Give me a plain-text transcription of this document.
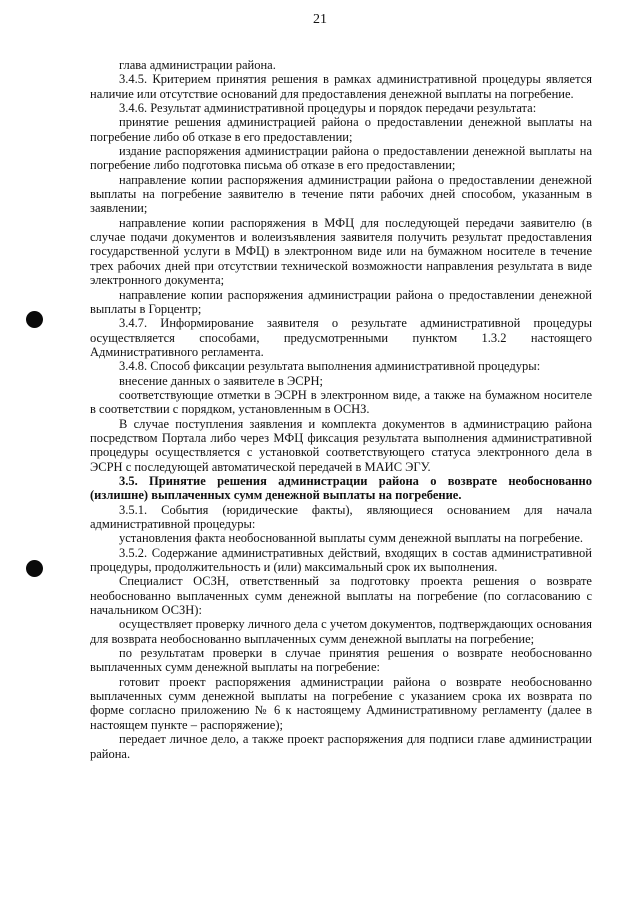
21

глава администрации района.

3.4.5. Критерием принятия решения в рамках административной процедуры является наличие или отсутствие оснований для предоставления денежной выплаты на погребение.

3.4.6. Результат административной процедуры и порядок передачи результата:

принятие решения администрацией района о предоставлении денежной выплаты на погребение либо об отказе в его предоставлении;

издание распоряжения администрации района о предоставлении денежной выплаты на погребение либо подготовка письма об отказе в его предоставлении;

направление копии распоряжения администрации района о предоставлении денежной выплаты на погребение заявителю в течение пяти рабочих дней способом, указанным в заявлении;

направление копии распоряжения в МФЦ для последующей передачи заявителю (в случае подачи документов и волеизъявления заявителя получить результат предоставления государственной услуги в МФЦ) в электронном виде или на бумажном носителе в течение трех рабочих дней при отсутствии технической возможности направления результата в виде электронного документа;

направление копии распоряжения администрации района о предоставлении денежной выплаты в Горцентр;

3.4.7. Информирование заявителя о результате административной процедуры осуществляется способами, предусмотренными пунктом 1.3.2 настоящего Административного регламента.

3.4.8. Способ фиксации результата выполнения административной процедуры:

внесение данных о заявителе в ЭСРН;

соответствующие отметки в ЭСРН в электронном виде, а также на бумажном носителе в соответствии с порядком, установленным в ОСНЗ.

В случае поступления заявления и комплекта документов в администрацию района посредством Портала либо через МФЦ фиксация результата выполнения административной процедуры осуществляется с установкой соответствующего статуса электронного дела в ЭСРН с последующей автоматической передачей в МАИС ЭГУ.

3.5. Принятие решения администрации района о возврате необоснованно (излишне) выплаченных сумм денежной выплаты на погребение.

3.5.1. События (юридические факты), являющиеся основанием для начала административной процедуры:

установления факта необоснованной выплаты сумм денежной выплаты на погребение.

3.5.2. Содержание административных действий, входящих в состав административной процедуры, продолжительность и (или) максимальный срок их выполнения.

Специалист ОСЗН, ответственный за подготовку проекта решения о возврате необоснованно выплаченных сумм денежной выплаты на погребение (по согласованию с начальником ОСЗН):

осуществляет проверку личного дела с учетом документов, подтверждающих основания для возврата необоснованно выплаченных сумм денежной выплаты на погребение;

по результатам проверки в случае принятия решения о возврате необоснованно выплаченных сумм денежной выплаты на погребение:

готовит проект распоряжения администрации района о возврате необоснованно выплаченных сумм денежной выплаты на погребение с указанием срока их возврата по форме согласно приложению № 6 к настоящему Административному регламенту (далее в настоящем пункте – распоряжение);

передает личное дело, а также проект распоряжения для подписи главе администрации района.
